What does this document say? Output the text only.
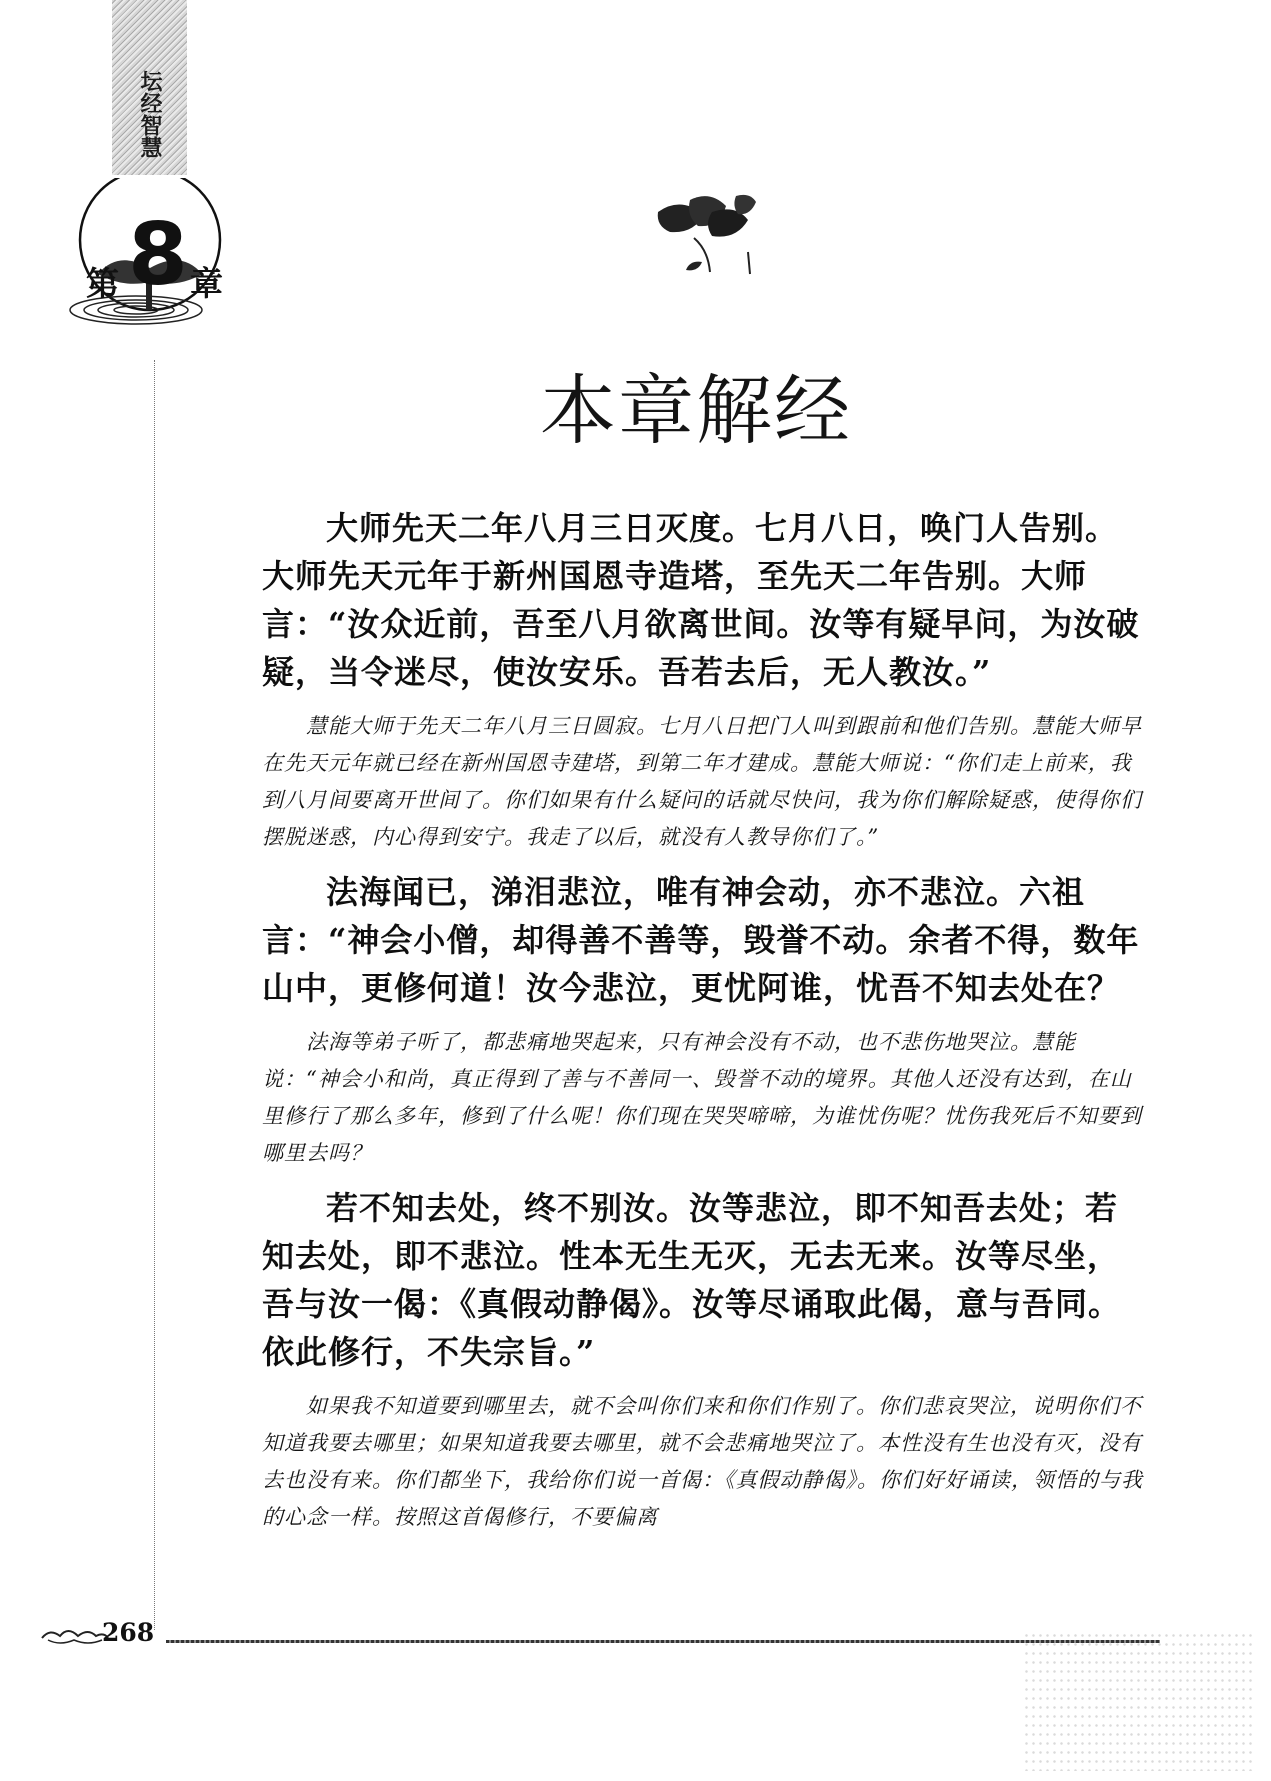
坛经智慧
第 8 章
本章解经

大师先天二年八月三日灭度。七月八日，唤门人告别。大师先天元年于新州国恩寺造塔，至先天二年告别。大师言：“汝众近前，吾至八月欲离世间。汝等有疑早问，为汝破疑，当令迷尽，使汝安乐。吾若去后，无人教汝。”

慧能大师于先天二年八月三日圆寂。七月八日把门人叫到跟前和他们告别。慧能大师早在先天元年就已经在新州国恩寺建塔，到第二年才建成。慧能大师说：“你们走上前来，我到八月间要离开世间了。你们如果有什么疑问的话就尽快问，我为你们解除疑惑，使得你们摆脱迷惑，内心得到安宁。我走了以后，就没有人教导你们了。”

法海闻已，涕泪悲泣，唯有神会动，亦不悲泣。六祖言：“神会小僧，却得善不善等，毁誉不动。余者不得，数年山中，更修何道！汝今悲泣，更忧阿谁，忧吾不知去处在？

法海等弟子听了，都悲痛地哭起来，只有神会没有不动，也不悲伤地哭泣。慧能说：“神会小和尚，真正得到了善与不善同一、毁誉不动的境界。其他人还没有达到，在山里修行了那么多年，修到了什么呢！你们现在哭哭啼啼，为谁忧伤呢？忧伤我死后不知要到哪里去吗？

若不知去处，终不别汝。汝等悲泣，即不知吾去处；若知去处，即不悲泣。性本无生无灭，无去无来。汝等尽坐，吾与汝一偈：《真假动静偈》。汝等尽诵取此偈，意与吾同。依此修行，不失宗旨。”

如果我不知道要到哪里去，就不会叫你们来和你们作别了。你们悲哀哭泣，说明你们不知道我要去哪里；如果知道我要去哪里，就不会悲痛地哭泣了。本性没有生也没有灭，没有去也没有来。你们都坐下，我给你们说一首偈：《真假动静偈》。你们好好诵读，领悟的与我的心念一样。按照这首偈修行，不要偏离

268
